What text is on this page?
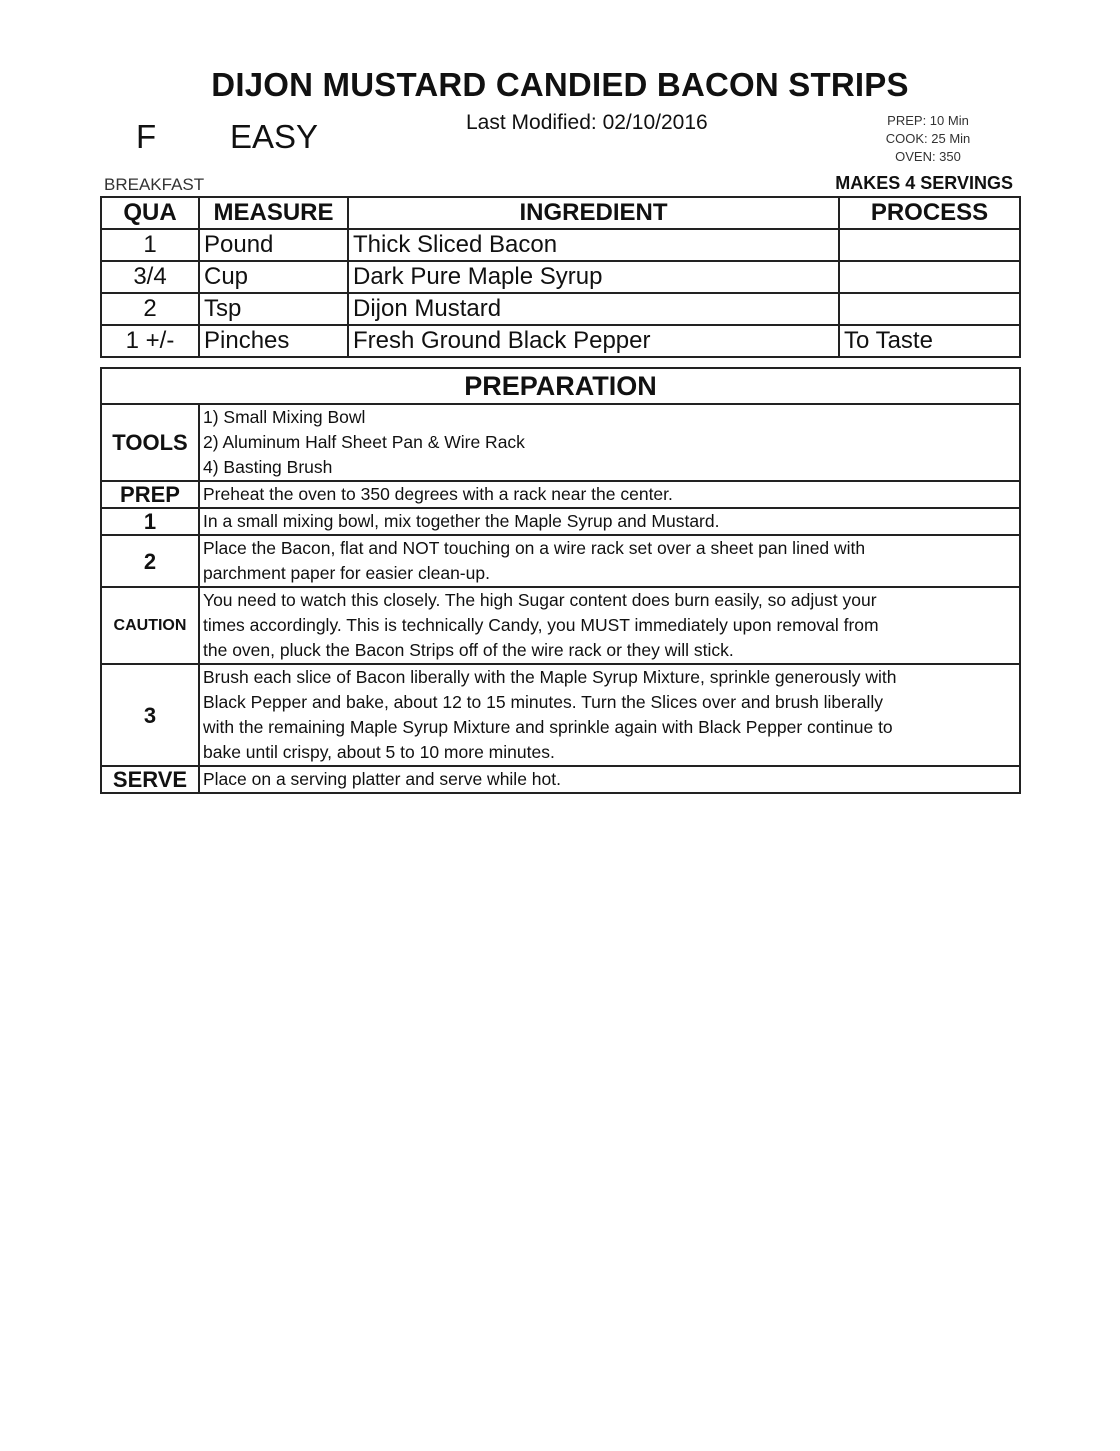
DIJON MUSTARD CANDIED BACON STRIPS
F EASY	Last Modified: 02/10/2016	PREP: 10 Min
COOK: 25 Min
OVEN: 350
BREAKFAST	MAKES 4 SERVINGS
QUA	MEASURE	INGREDIENT	PROCESS
1	Pound	Thick Sliced Bacon	
3/4	Cup	Dark Pure Maple Syrup	
2	Tsp	Dijon Mustard	
1 +/-	Pinches	Fresh Ground Black Pepper	To Taste
PREPARATION	
TOOLS	1) Small Mixing Bowl
2) Aluminum Half Sheet Pan & Wire Rack
4) Basting Brush

PREP	Preheat the oven to 350 degrees with a rack near the center.

1	In a small mixing bowl, mix together the Maple Syrup and Mustard.

2	Place the Bacon, flat and NOT touching on a wire rack set over a sheet pan lined with
parchment paper for easier clean-up.

CAUTION	You need to watch this closely. The high Sugar content does burn easily, so adjust your
times accordingly. This is technically Candy, you MUST immediately upon removal from
the oven, pluck the Bacon Strips off of the wire rack or they will stick.

3	Brush each slice of Bacon liberally with the Maple Syrup Mixture, sprinkle generously with
Black Pepper and bake, about 12 to 15 minutes. Turn the Slices over and brush liberally
with the remaining Maple Syrup Mixture and sprinkle again with Black Pepper continue to
bake until crispy, about 5 to 10 more minutes.

SERVE	Place on a serving platter and serve while hot.
